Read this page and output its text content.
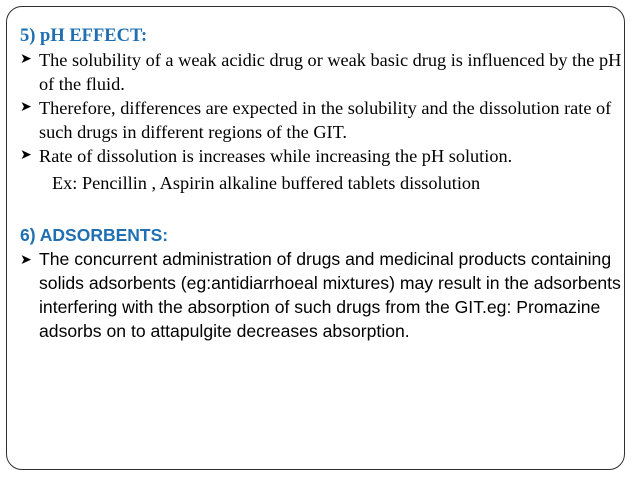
5) pH EFFECT:

➤ The solubility of a weak acidic drug or weak basic drug is influenced by the pH of the fluid.
➤ Therefore, differences are expected in the solubility and the dissolution rate of such drugs in different regions of the GIT.
➤ Rate of dissolution is increases while increasing the pH solution.

Ex: Pencillin , Aspirin alkaline buffered tablets dissolution

6) ADSORBENTS:

➤ The concurrent administration of drugs and medicinal products containing solids adsorbents (eg:antidiarrhoeal mixtures) may result in the adsorbents interfering with the absorption of such drugs from the GIT.eg: Promazine adsorbs on to attapulgite decreases absorption.
